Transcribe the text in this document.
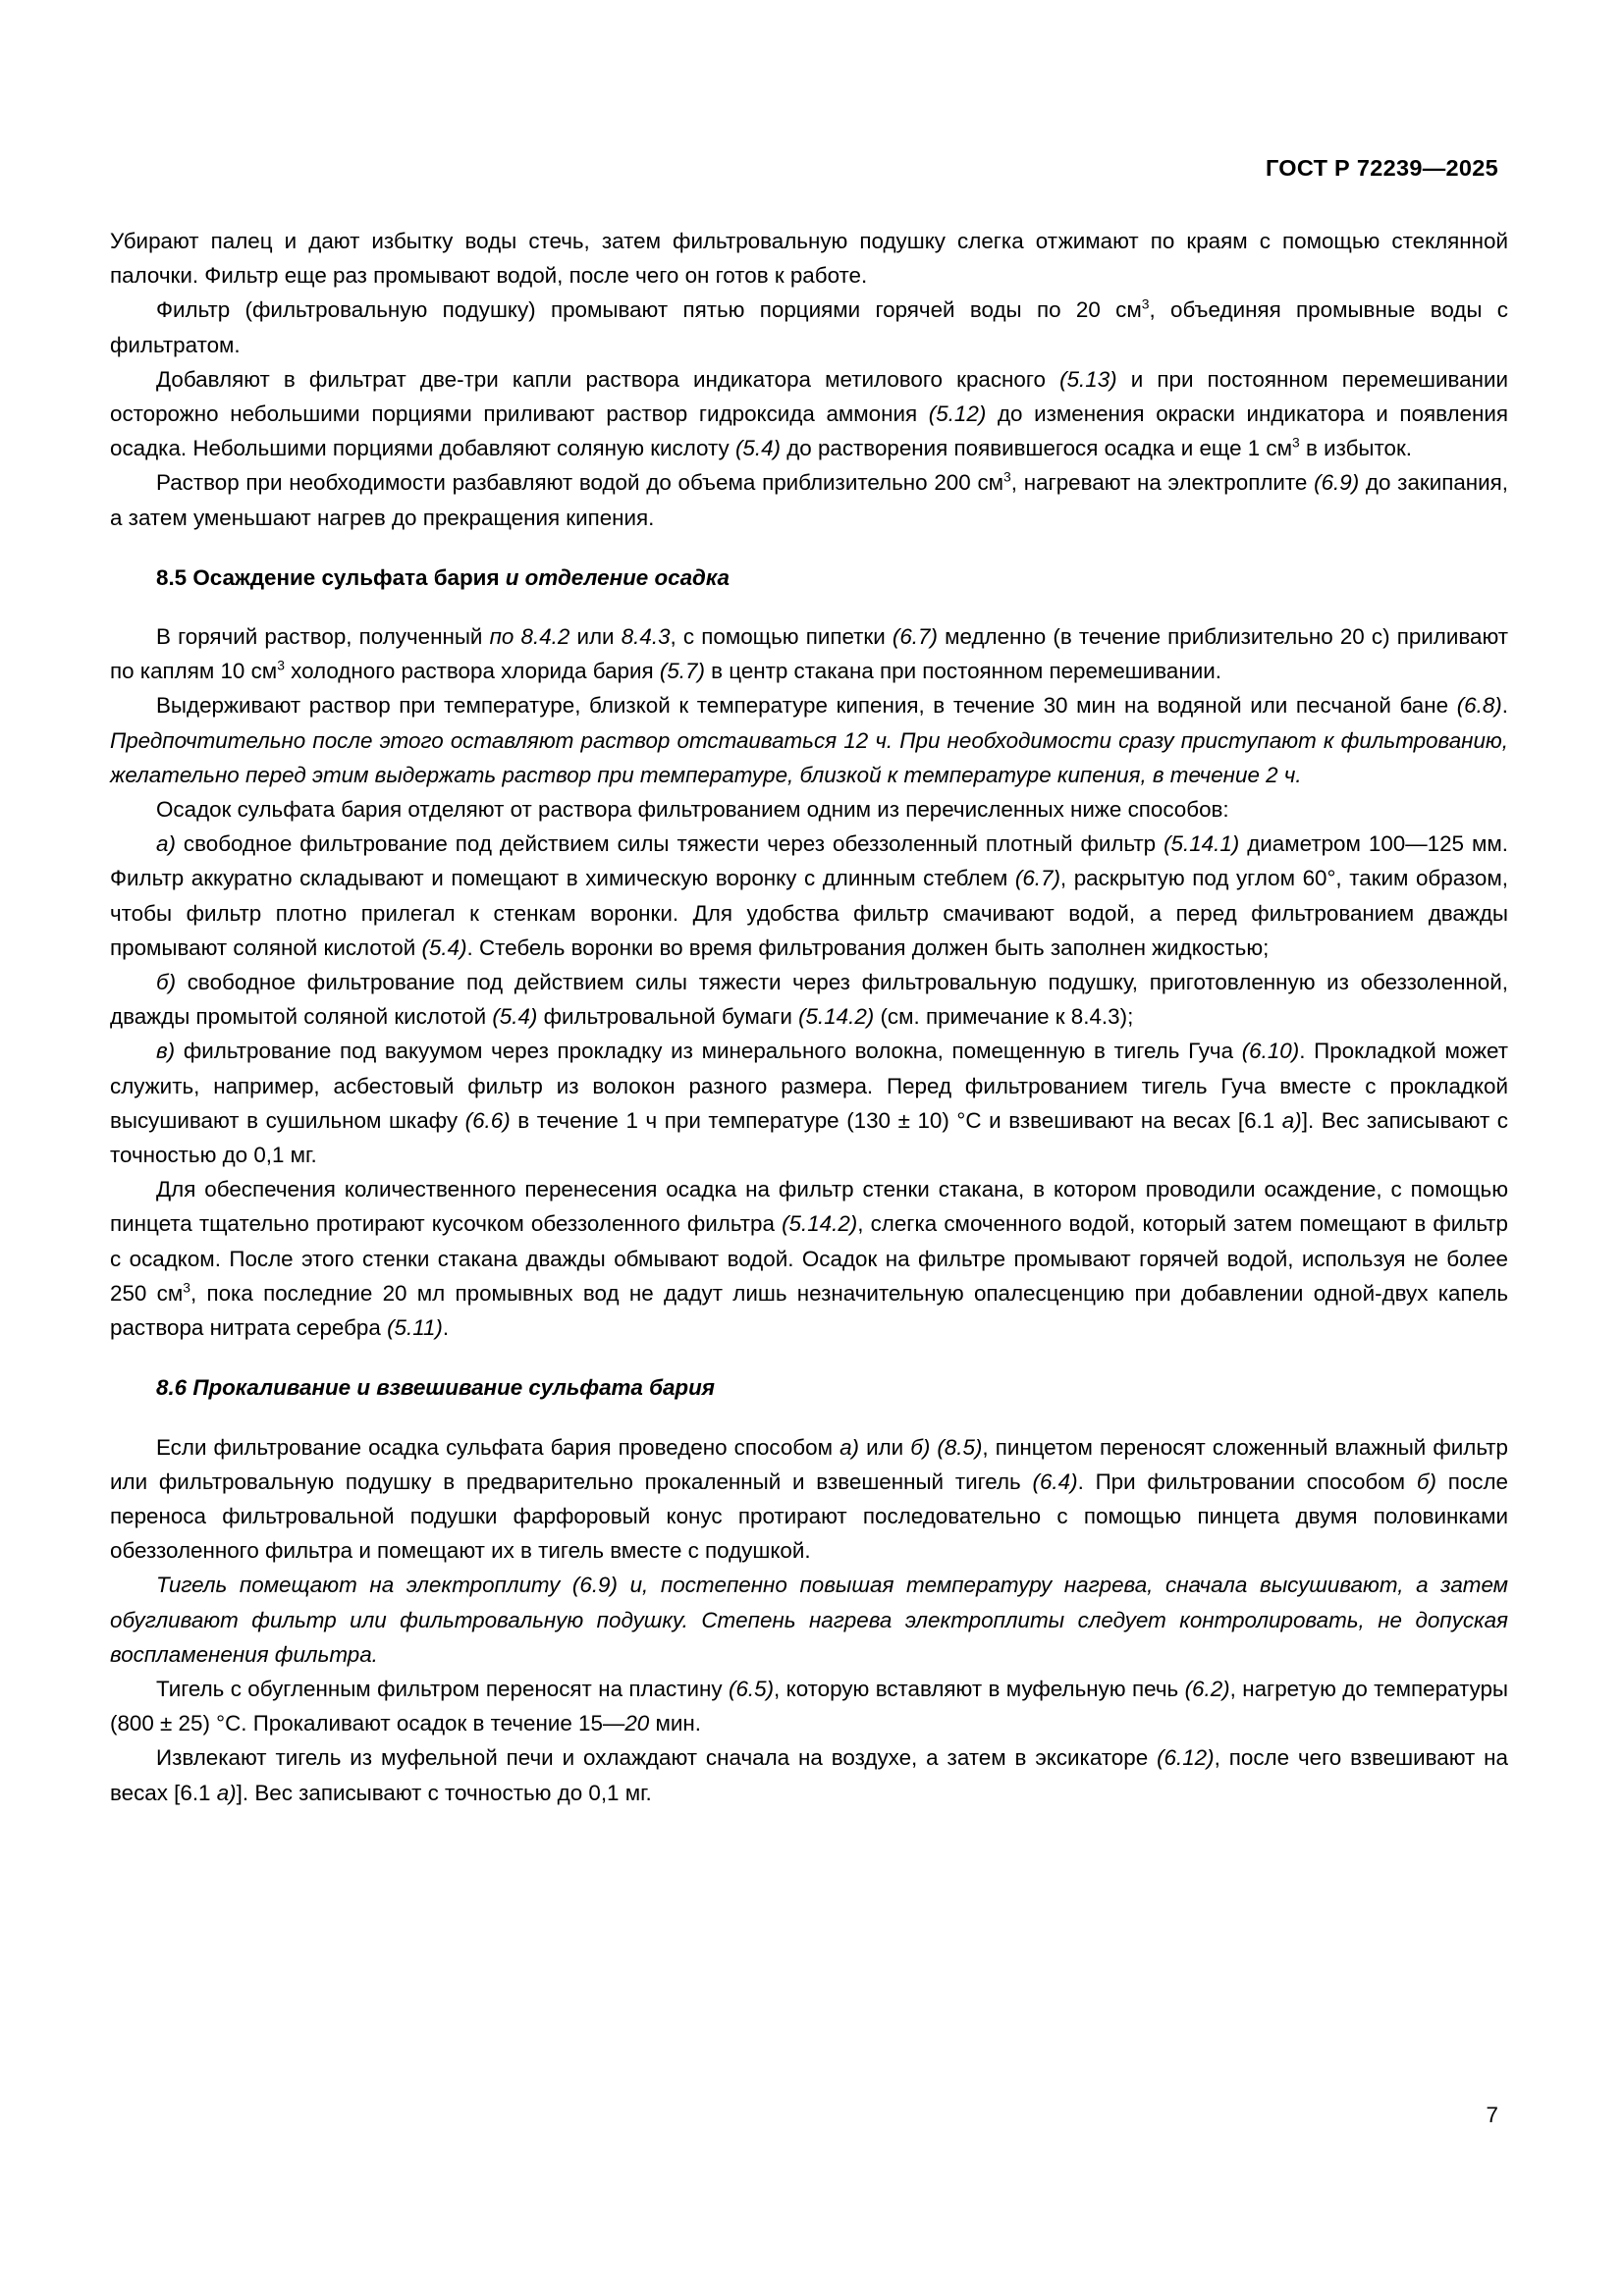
ГОСТ Р 72239—2025

Убирают палец и дают избытку воды стечь, затем фильтровальную подушку слегка отжимают по краям с помощью стеклянной палочки. Фильтр еще раз промывают водой, после чего он готов к работе.

Фильтр (фильтровальную подушку) промывают пятью порциями горячей воды по 20 $см^3$, объединяя промывные воды с фильтратом.

Добавляют в фильтрат две-три капли раствора индикатора метилового красного (5.13) и при постоянном перемешивании осторожно небольшими порциями приливают раствор гидроксида аммония (5.12) до изменения окраски индикатора и появления осадка. Небольшими порциями добавляют соляную кислоту (5.4) до растворения появившегося осадка и еще 1 $см^3$ в избыток.

Раствор при необходимости разбавляют водой до объема приблизительно 200 $см^3$, нагревают на электроплите (6.9) до закипания, а затем уменьшают нагрев до прекращения кипения.

8.5 Осаждение сульфата бария и отделение осадка

В горячий раствор, полученный по 8.4.2 или 8.4.3, с помощью пипетки (6.7) медленно (в течение приблизительно 20 с) приливают по каплям 10 $см^3$ холодного раствора хлорида бария (5.7) в центр стакана при постоянном перемешивании.

Выдерживают раствор при температуре, близкой к температуре кипения, в течение 30 мин на водяной или песчаной бане (6.8). Предпочтительно после этого оставляют раствор отстаиваться 12 ч. При необходимости сразу приступают к фильтрованию, желательно перед этим выдержать раствор при температуре, близкой к температуре кипения, в течение 2 ч.

Осадок сульфата бария отделяют от раствора фильтрованием одним из перечисленных ниже способов:

а) свободное фильтрование под действием силы тяжести через обеззоленный плотный фильтр (5.14.1) диаметром 100—125 мм. Фильтр аккуратно складывают и помещают в химическую воронку с длинным стеблем (6.7), раскрытую под углом 60°, таким образом, чтобы фильтр плотно прилегал к стенкам воронки. Для удобства фильтр смачивают водой, а перед фильтрованием дважды промывают соляной кислотой (5.4). Стебель воронки во время фильтрования должен быть заполнен жидкостью;

б) свободное фильтрование под действием силы тяжести через фильтровальную подушку, приготовленную из обеззоленной, дважды промытой соляной кислотой (5.4) фильтровальной бумаги (5.14.2) (см. примечание к 8.4.3);

в) фильтрование под вакуумом через прокладку из минерального волокна, помещенную в тигель Гуча (6.10). Прокладкой может служить, например, асбестовый фильтр из волокон разного размера. Перед фильтрованием тигель Гуча вместе с прокладкой высушивают в сушильном шкафу (6.6) в течение 1 ч при температуре (130 ± 10) °С и взвешивают на весах [6.1 а)]. Вес записывают с точностью до 0,1 мг.

Для обеспечения количественного перенесения осадка на фильтр стенки стакана, в котором проводили осаждение, с помощью пинцета тщательно протирают кусочком обеззоленного фильтра (5.14.2), слегка смоченного водой, который затем помещают в фильтр с осадком. После этого стенки стакана дважды обмывают водой. Осадок на фильтре промывают горячей водой, используя не более 250 $см^3$, пока последние 20 мл промывных вод не дадут лишь незначительную опалесценцию при добавлении одной-двух капель раствора нитрата серебра (5.11).

8.6 Прокаливание и взвешивание сульфата бария

Если фильтрование осадка сульфата бария проведено способом а) или б) (8.5), пинцетом переносят сложенный влажный фильтр или фильтровальную подушку в предварительно прокаленный и взвешенный тигель (6.4). При фильтровании способом б) после переноса фильтровальной подушки фарфоровый конус протирают последовательно с помощью пинцета двумя половинками обеззоленного фильтра и помещают их в тигель вместе с подушкой.

Тигель помещают на электроплиту (6.9) и, постепенно повышая температуру нагрева, сначала высушивают, а затем обугливают фильтр или фильтровальную подушку. Степень нагрева электроплиты следует контролировать, не допуская воспламенения фильтра.

Тигель с обугленным фильтром переносят на пластину (6.5), которую вставляют в муфельную печь (6.2), нагретую до температуры (800 ± 25) °С. Прокаливают осадок в течение 15—20 мин.

Извлекают тигель из муфельной печи и охлаждают сначала на воздухе, а затем в эксикаторе (6.12), после чего взвешивают на весах [6.1 а)]. Вес записывают с точностью до 0,1 мг.

7
